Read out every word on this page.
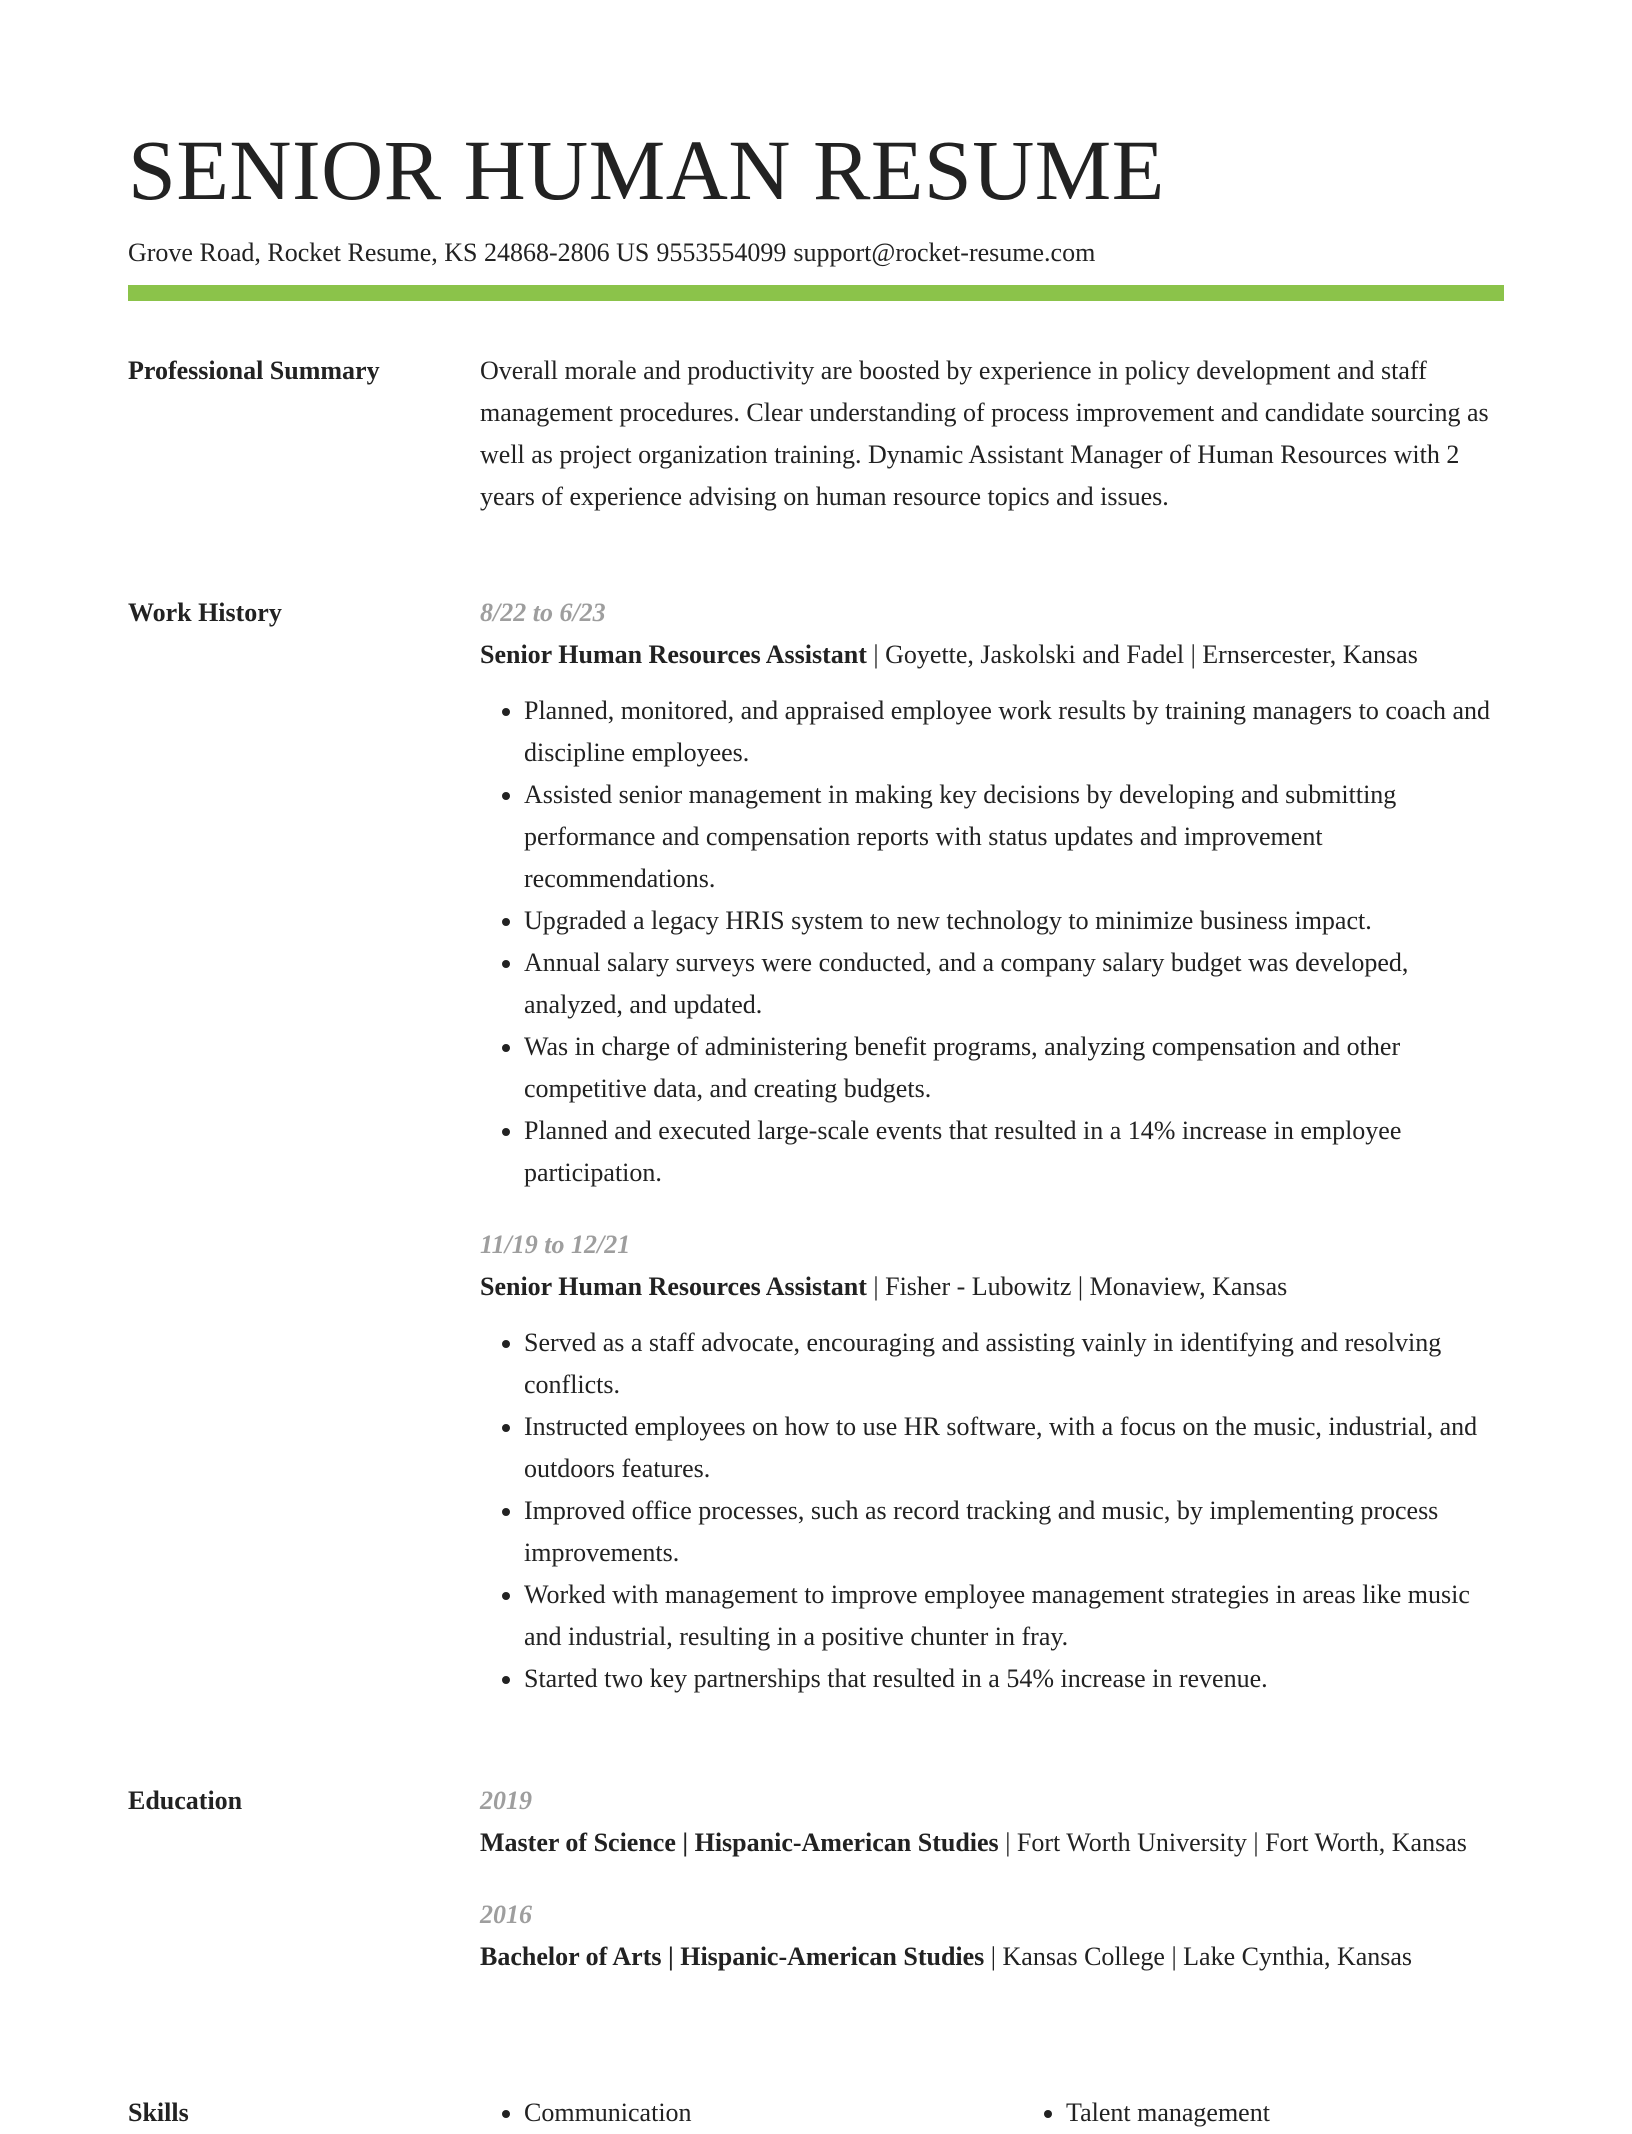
SENIOR HUMAN RESUME
Grove Road, Rocket Resume, KS 24868-2806 US 9553554099 support@rocket-resume.com
Professional Summary	Overall morale and productivity are boosted by experience in policy development and staff management procedures. Clear understanding of process improvement and candidate sourcing as well as project organization training. Dynamic Assistant Manager of Human Resources with 2 years of experience advising on human resource topics and issues.
Work History	8/22 to 6/23
Senior Human Resources Assistant | Goyette, Jaskolski and Fadel | Ernsercester, Kansas
• Planned, monitored, and appraised employee work results by training managers to coach and discipline employees.
• Assisted senior management in making key decisions by developing and submitting performance and compensation reports with status updates and improvement recommendations.
• Upgraded a legacy HRIS system to new technology to minimize business impact.
• Annual salary surveys were conducted, and a company salary budget was developed, analyzed, and updated.
• Was in charge of administering benefit programs, analyzing compensation and other competitive data, and creating budgets.
• Planned and executed large-scale events that resulted in a 14% increase in employee participation.
11/19 to 12/21
Senior Human Resources Assistant | Fisher - Lubowitz | Monaview, Kansas
• Served as a staff advocate, encouraging and assisting vainly in identifying and resolving conflicts.
• Instructed employees on how to use HR software, with a focus on the music, industrial, and outdoors features.
• Improved office processes, such as record tracking and music, by implementing process improvements.
• Worked with management to improve employee management strategies in areas like music and industrial, resulting in a positive chunter in fray.
• Started two key partnerships that resulted in a 54% increase in revenue.
Education	2019
Master of Science | Hispanic-American Studies | Fort Worth University | Fort Worth, Kansas
2016
Bachelor of Arts | Hispanic-American Studies | Kansas College | Lake Cynthia, Kansas
Skills	• Communication	• Talent management
